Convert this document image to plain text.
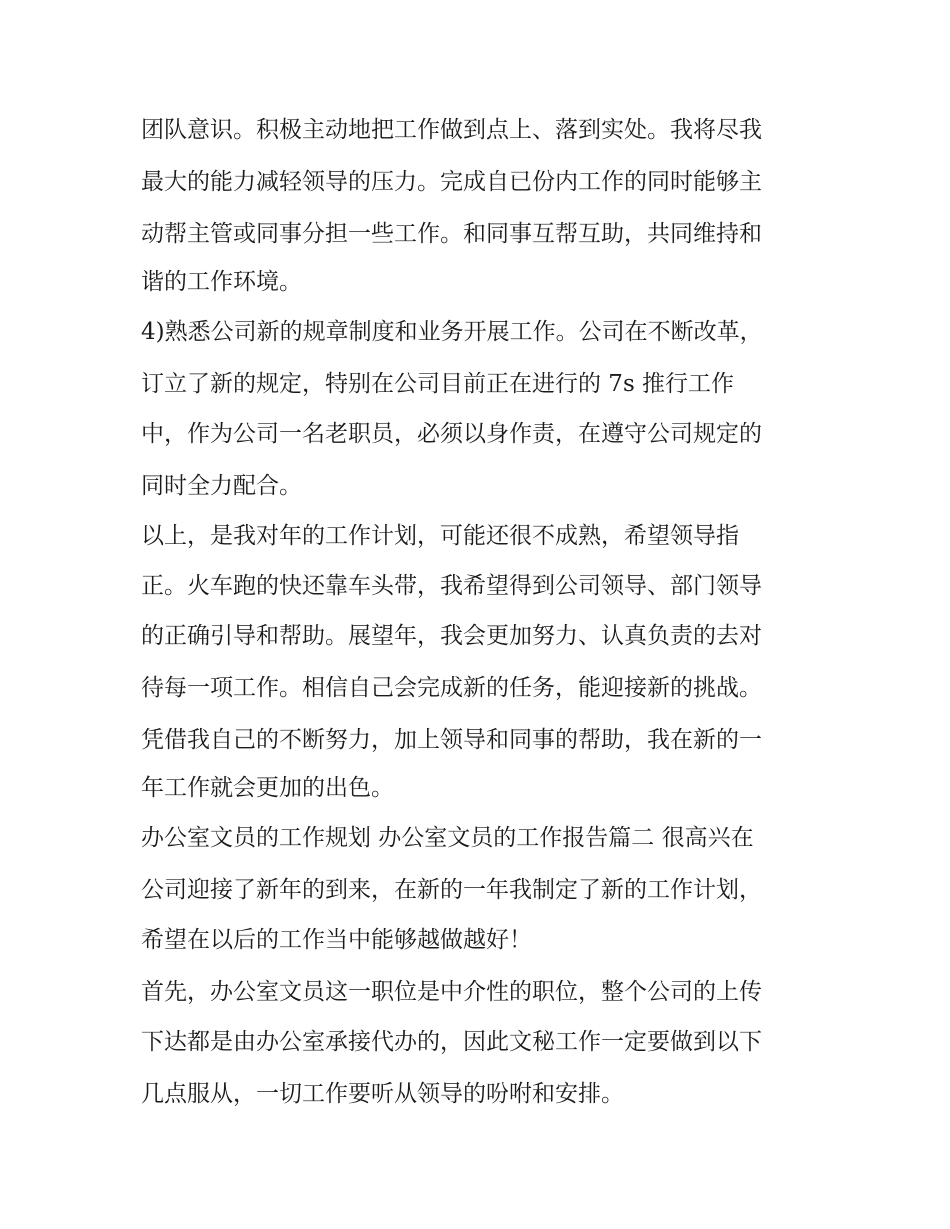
团队意识。积极主动地把工作做到点上、落到实处。我将尽我
最大的能力减轻领导的压力。完成自已份内工作的同时能够主
动帮主管或同事分担一些工作。和同事互帮互助，共同维持和
谐的工作环境。
4)熟悉公司新的规章制度和业务开展工作。公司在不断改革，
订立了新的规定，特别在公司目前正在进行的 7s 推行工作
中，作为公司一名老职员，必须以身作责，在遵守公司规定的
同时全力配合。
以上，是我对年的工作计划，可能还很不成熟，希望领导指
正。火车跑的快还靠车头带，我希望得到公司领导、部门领导
的正确引导和帮助。展望年，我会更加努力、认真负责的去对
待每一项工作。相信自己会完成新的任务，能迎接新的挑战。
凭借我自己的不断努力，加上领导和同事的帮助，我在新的一
年工作就会更加的出色。
办公室文员的工作规划 办公室文员的工作报告篇二 很高兴在
公司迎接了新年的到来，在新的一年我制定了新的工作计划，
希望在以后的工作当中能够越做越好！
首先，办公室文员这一职位是中介性的职位，整个公司的上传
下达都是由办公室承接代办的，因此文秘工作一定要做到以下
几点服从，一切工作要听从领导的吩咐和安排。
